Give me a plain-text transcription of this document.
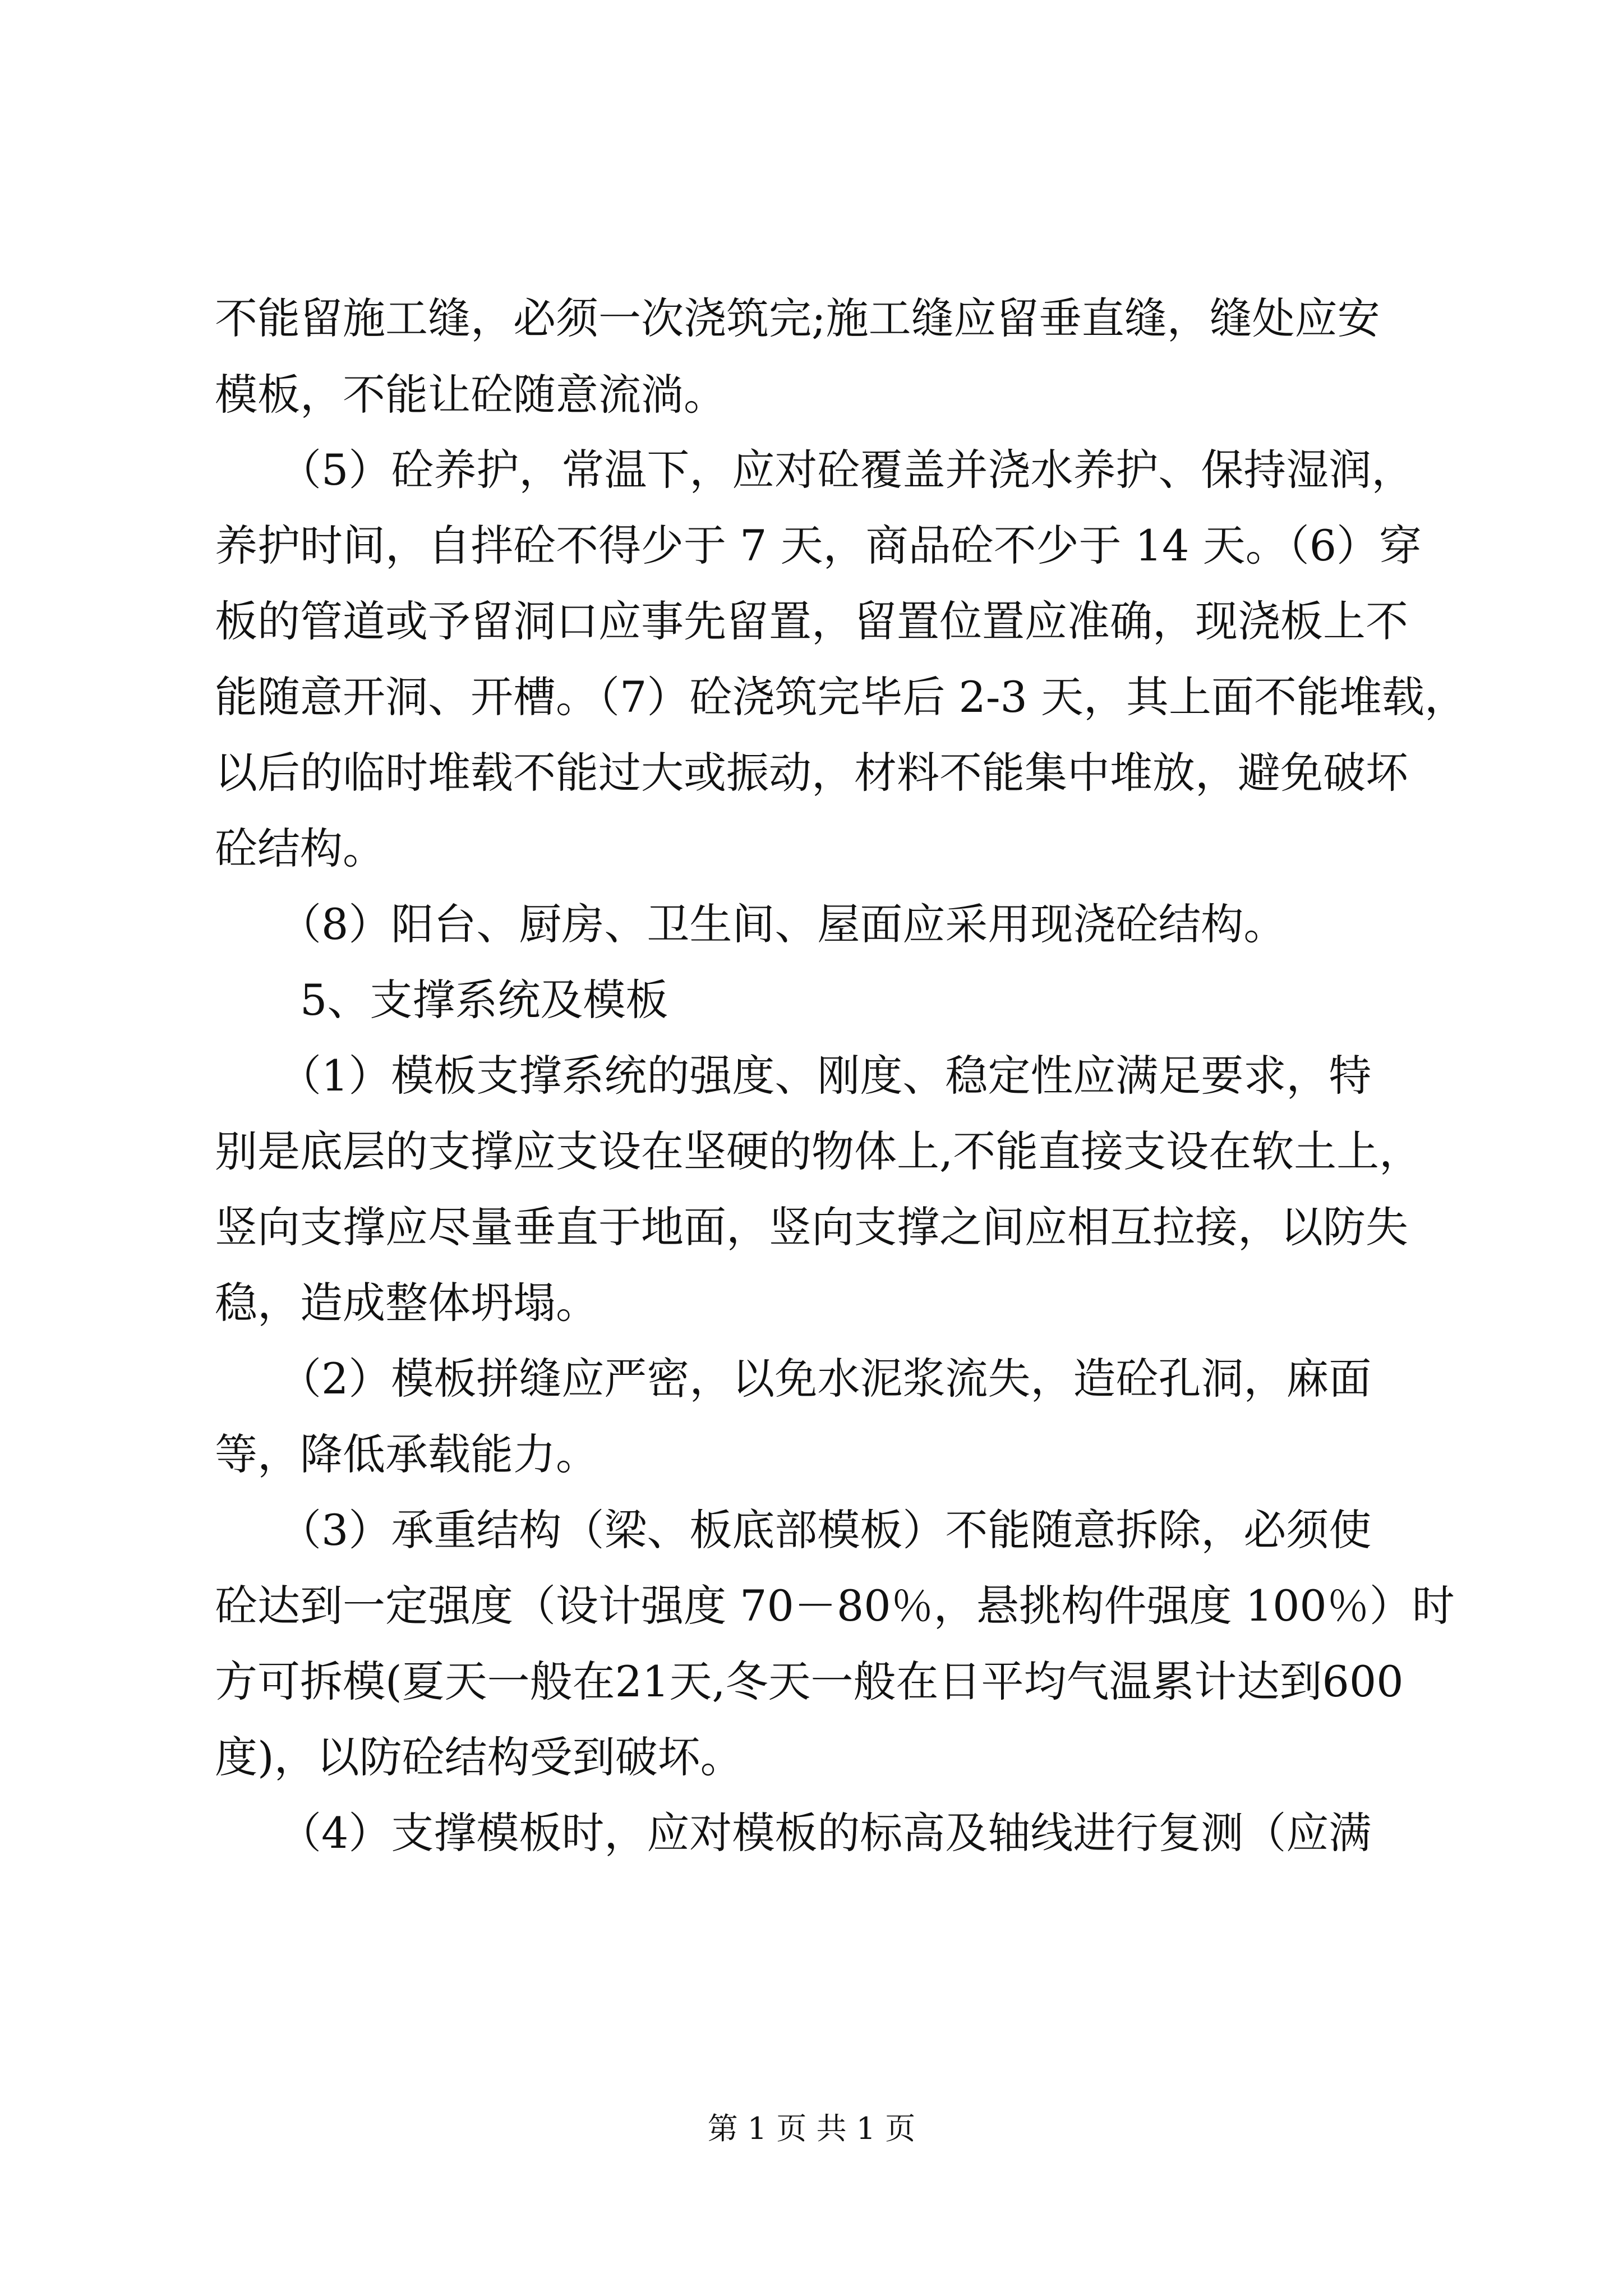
不能留施工缝，必须一次浇筑完;施工缝应留垂直缝，缝处应安
模板，不能让砼随意流淌。
　　（5）砼养护，常温下，应对砼覆盖并浇水养护、保持湿润，
养护时间，自拌砼不得少于 7 天，商品砼不少于 14 天。（6）穿
板的管道或予留洞口应事先留置，留置位置应准确，现浇板上不
能随意开洞、开槽。（7）砼浇筑完毕后 2-3 天，其上面不能堆载，
以后的临时堆载不能过大或振动，材料不能集中堆放，避免破坏
砼结构。
　　（8）阳台、厨房、卫生间、屋面应采用现浇砼结构。
　　5、支撑系统及模板
　　（1）模板支撑系统的强度、刚度、稳定性应满足要求，特
别是底层的支撑应支设在坚硬的物体上,不能直接支设在软土上，
竖向支撑应尽量垂直于地面，竖向支撑之间应相互拉接，以防失
稳，造成整体坍塌。
　　（2）模板拼缝应严密，以免水泥浆流失，造砼孔洞，麻面
等，降低承载能力。
　　（3）承重结构（梁、板底部模板）不能随意拆除，必须使
砼达到一定强度（设计强度 70－80％，悬挑构件强度 100％）时
方可拆模(夏天一般在21天,冬天一般在日平均气温累计达到600
度)，以防砼结构受到破坏。
　　（4）支撑模板时，应对模板的标高及轴线进行复测（应满
第 1 页 共 1 页
